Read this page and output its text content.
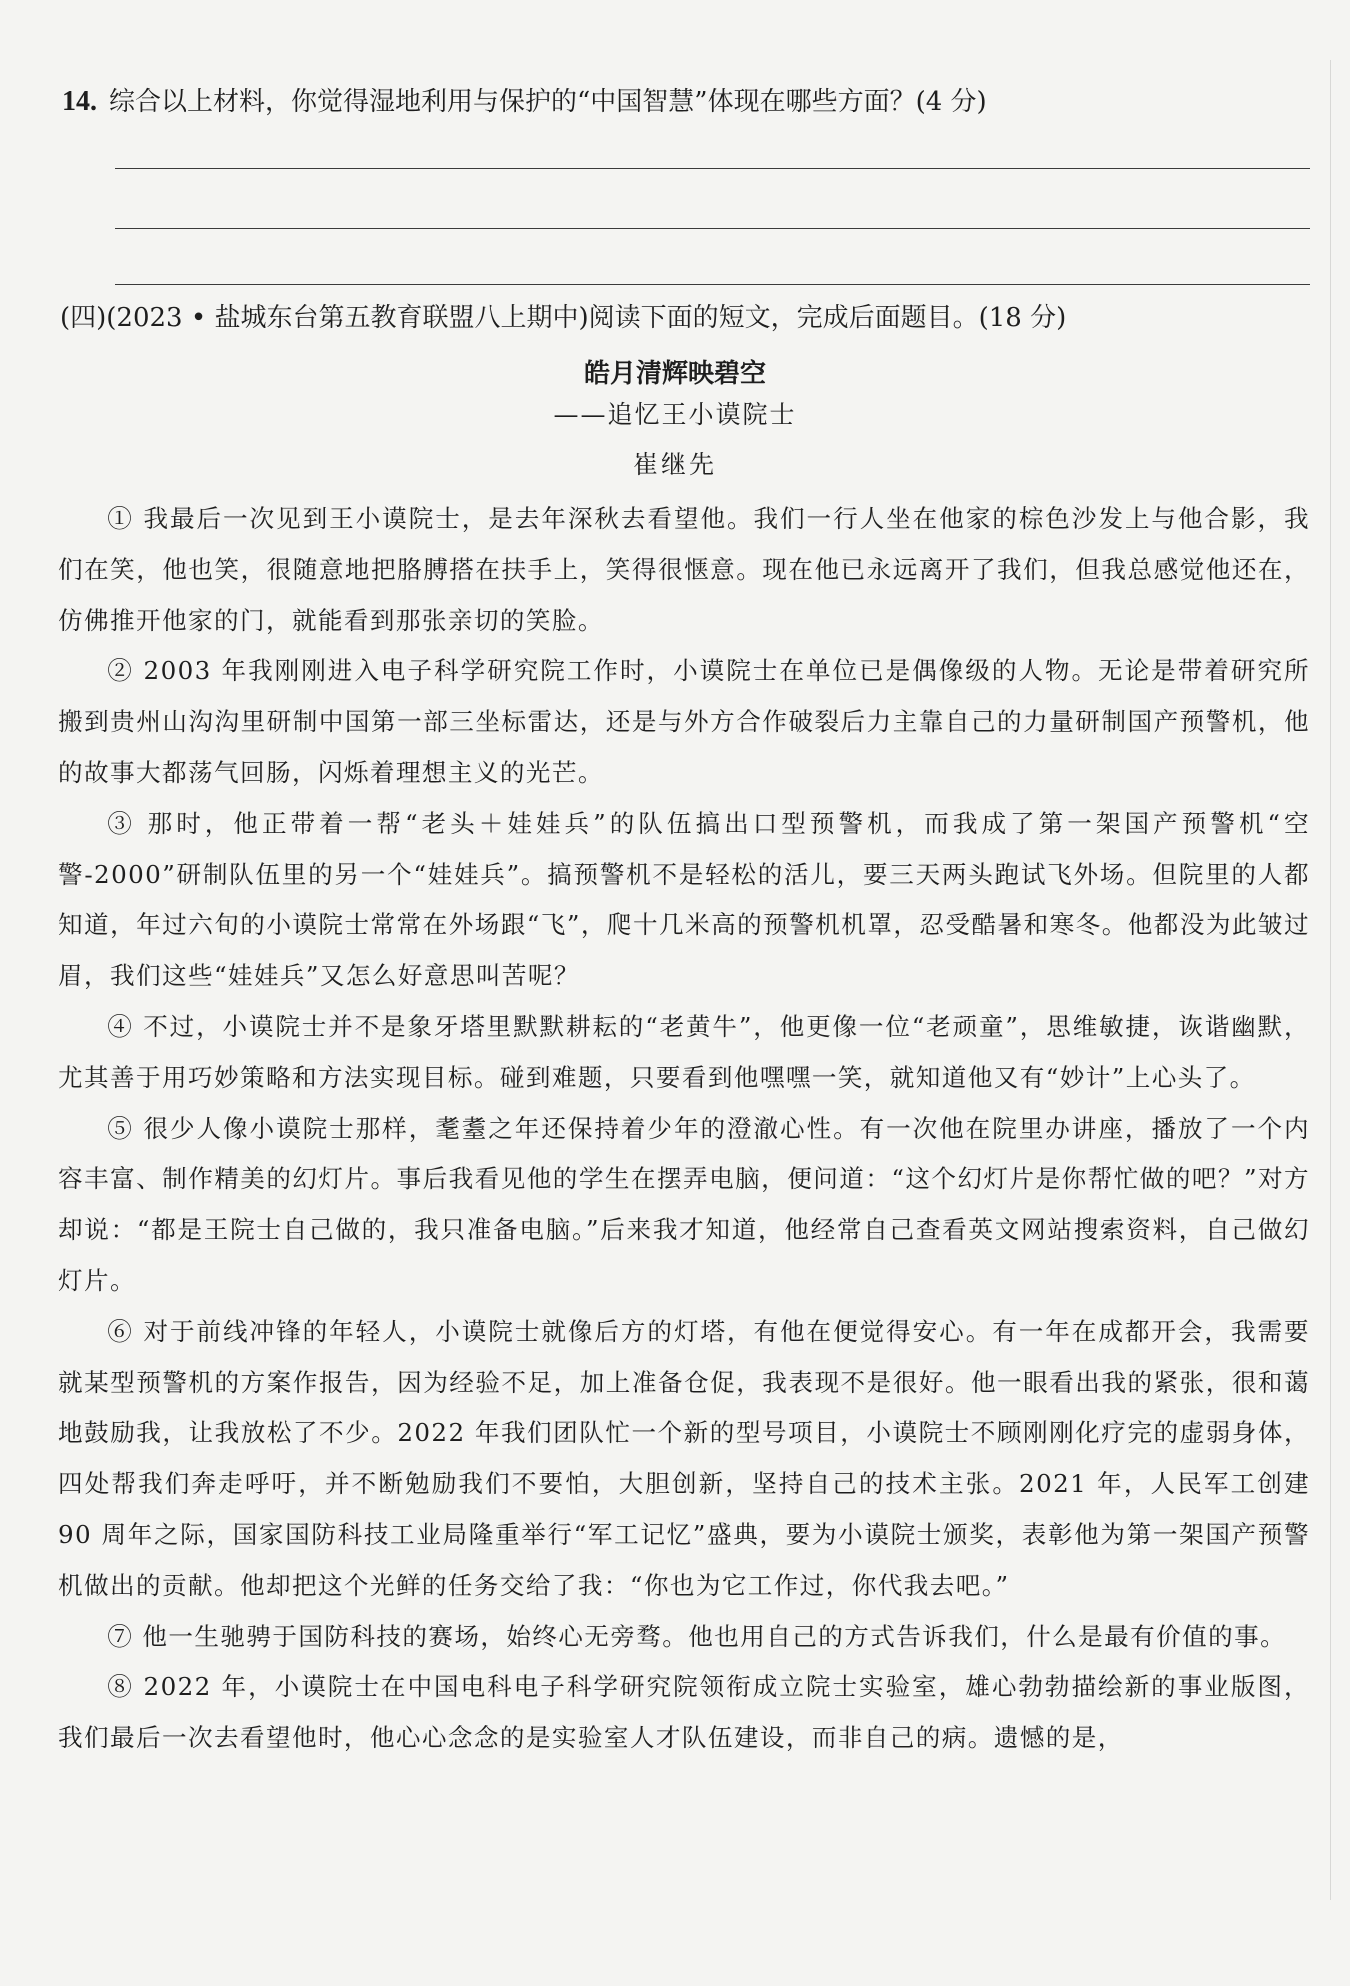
14. 综合以上材料，你觉得湿地利用与保护的“中国智慧”体现在哪些方面？(4 分)
(四)(2023 • 盐城东台第五教育联盟八上期中)阅读下面的短文，完成后面题目。(18 分)
皓月清辉映碧空
——追忆王小谟院士
崔继先

① 我最后一次见到王小谟院士，是去年深秋去看望他。我们一行人坐在他家的棕色沙发上与他合影，我们在笑，他也笑，很随意地把胳膊搭在扶手上，笑得很惬意。现在他已永远离开了我们，但我总感觉他还在，仿佛推开他家的门，就能看到那张亲切的笑脸。

② 2003 年我刚刚进入电子科学研究院工作时，小谟院士在单位已是偶像级的人物。无论是带着研究所搬到贵州山沟沟里研制中国第一部三坐标雷达，还是与外方合作破裂后力主靠自己的力量研制国产预警机，他的故事大都荡气回肠，闪烁着理想主义的光芒。

③ 那时，他正带着一帮“老头＋娃娃兵”的队伍搞出口型预警机，而我成了第一架国产预警机“空警-2000”研制队伍里的另一个“娃娃兵”。搞预警机不是轻松的活儿，要三天两头跑试飞外场。但院里的人都知道，年过六旬的小谟院士常常在外场跟“飞”，爬十几米高的预警机机罩，忍受酷暑和寒冬。他都没为此皱过眉，我们这些“娃娃兵”又怎么好意思叫苦呢？

④ 不过，小谟院士并不是象牙塔里默默耕耘的“老黄牛”，他更像一位“老顽童”，思维敏捷，诙谐幽默，尤其善于用巧妙策略和方法实现目标。碰到难题，只要看到他嘿嘿一笑，就知道他又有“妙计”上心头了。

⑤ 很少人像小谟院士那样，耄耋之年还保持着少年的澄澈心性。有一次他在院里办讲座，播放了一个内容丰富、制作精美的幻灯片。事后我看见他的学生在摆弄电脑，便问道：“这个幻灯片是你帮忙做的吧？”对方却说：“都是王院士自己做的，我只准备电脑。”后来我才知道，他经常自己查看英文网站搜索资料，自己做幻灯片。

⑥ 对于前线冲锋的年轻人，小谟院士就像后方的灯塔，有他在便觉得安心。有一年在成都开会，我需要就某型预警机的方案作报告，因为经验不足，加上准备仓促，我表现不是很好。他一眼看出我的紧张，很和蔼地鼓励我，让我放松了不少。2022 年我们团队忙一个新的型号项目，小谟院士不顾刚刚化疗完的虚弱身体，四处帮我们奔走呼吁，并不断勉励我们不要怕，大胆创新，坚持自己的技术主张。2021 年，人民军工创建 90 周年之际，国家国防科技工业局隆重举行“军工记忆”盛典，要为小谟院士颁奖，表彰他为第一架国产预警机做出的贡献。他却把这个光鲜的任务交给了我：“你也为它工作过，你代我去吧。”

⑦ 他一生驰骋于国防科技的赛场，始终心无旁骛。他也用自己的方式告诉我们，什么是最有价值的事。

⑧ 2022 年，小谟院士在中国电科电子科学研究院领衔成立院士实验室，雄心勃勃描绘新的事业版图，我们最后一次去看望他时，他心心念念的是实验室人才队伍建设，而非自己的病。遗憾的是，
